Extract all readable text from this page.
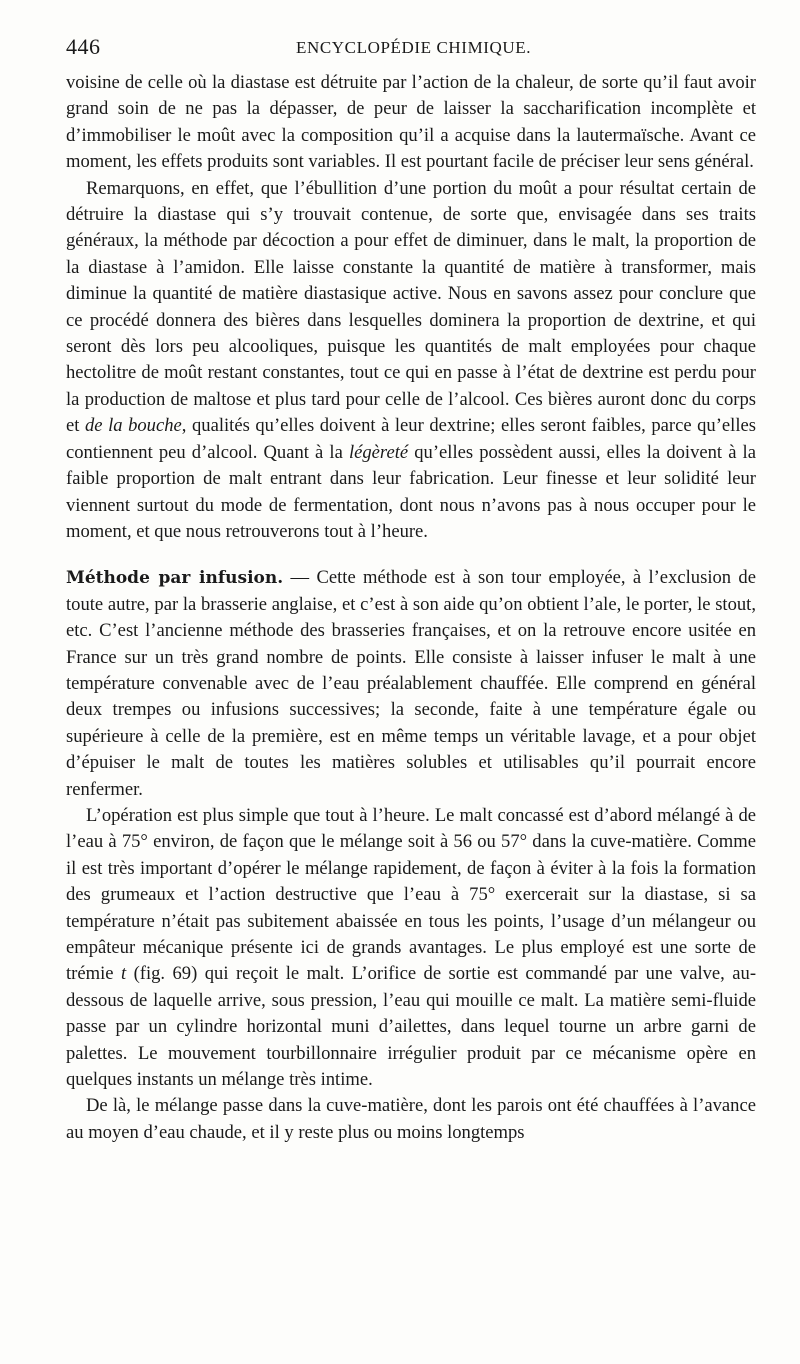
446	ENCYCLOPÉDIE CHIMIQUE.

voisine de celle où la diastase est détruite par l’action de la chaleur, de sorte qu’il faut avoir grand soin de ne pas la dépasser, de peur de laisser la saccharification incomplète et d’immobiliser le moût avec la composition qu’il a acquise dans la lautermaïsche. Avant ce moment, les effets produits sont variables. Il est pourtant facile de préciser leur sens général.

Remarquons, en effet, que l’ébullition d’une portion du moût a pour résultat certain de détruire la diastase qui s’y trouvait contenue, de sorte que, envisagée dans ses traits généraux, la méthode par décoction a pour effet de diminuer, dans le malt, la proportion de la diastase à l’amidon. Elle laisse constante la quantité de matière à transformer, mais diminue la quantité de matière diastasique active. Nous en savons assez pour conclure que ce procédé donnera des bières dans lesquelles dominera la proportion de dextrine, et qui seront dès lors peu alcooliques, puisque les quantités de malt employées pour chaque hectolitre de moût restant constantes, tout ce qui en passe à l’état de dextrine est perdu pour la production de maltose et plus tard pour celle de l’alcool. Ces bières auront donc du corps et de la bouche, qualités qu’elles doivent à leur dextrine; elles seront faibles, parce qu’elles contiennent peu d’alcool. Quant à la légèreté qu’elles possèdent aussi, elles la doivent à la faible proportion de malt entrant dans leur fabrication. Leur finesse et leur solidité leur viennent surtout du mode de fermentation, dont nous n’avons pas à nous occuper pour le moment, et que nous retrouverons tout à l’heure.

Méthode par infusion. — Cette méthode est à son tour employée, à l’exclusion de toute autre, par la brasserie anglaise, et c’est à son aide qu’on obtient l’ale, le porter, le stout, etc. C’est l’ancienne méthode des brasseries françaises, et on la retrouve encore usitée en France sur un très grand nombre de points. Elle consiste à laisser infuser le malt à une température convenable avec de l’eau préalablement chauffée. Elle comprend en général deux trempes ou infusions successives; la seconde, faite à une température égale ou supérieure à celle de la première, est en même temps un véritable lavage, et a pour objet d’épuiser le malt de toutes les matières solubles et utilisables qu’il pourrait encore renfermer.

L’opération est plus simple que tout à l’heure. Le malt concassé est d’abord mélangé à de l’eau à 75° environ, de façon que le mélange soit à 56 ou 57° dans la cuve-matière. Comme il est très important d’opérer le mélange rapidement, de façon à éviter à la fois la formation des grumeaux et l’action destructive que l’eau à 75° exercerait sur la diastase, si sa température n’était pas subitement abaissée en tous les points, l’usage d’un mélangeur ou empâteur mécanique présente ici de grands avantages. Le plus employé est une sorte de trémie t (fig. 69) qui reçoit le malt. L’orifice de sortie est commandé par une valve, au-dessous de laquelle arrive, sous pression, l’eau qui mouille ce malt. La matière semi-fluide passe par un cylindre horizontal muni d’ailettes, dans lequel tourne un arbre garni de palettes. Le mouvement tourbillonnaire irrégulier produit par ce mécanisme opère en quelques instants un mélange très intime.

De là, le mélange passe dans la cuve-matière, dont les parois ont été chauffées à l’avance au moyen d’eau chaude, et il y reste plus ou moins longtemps
